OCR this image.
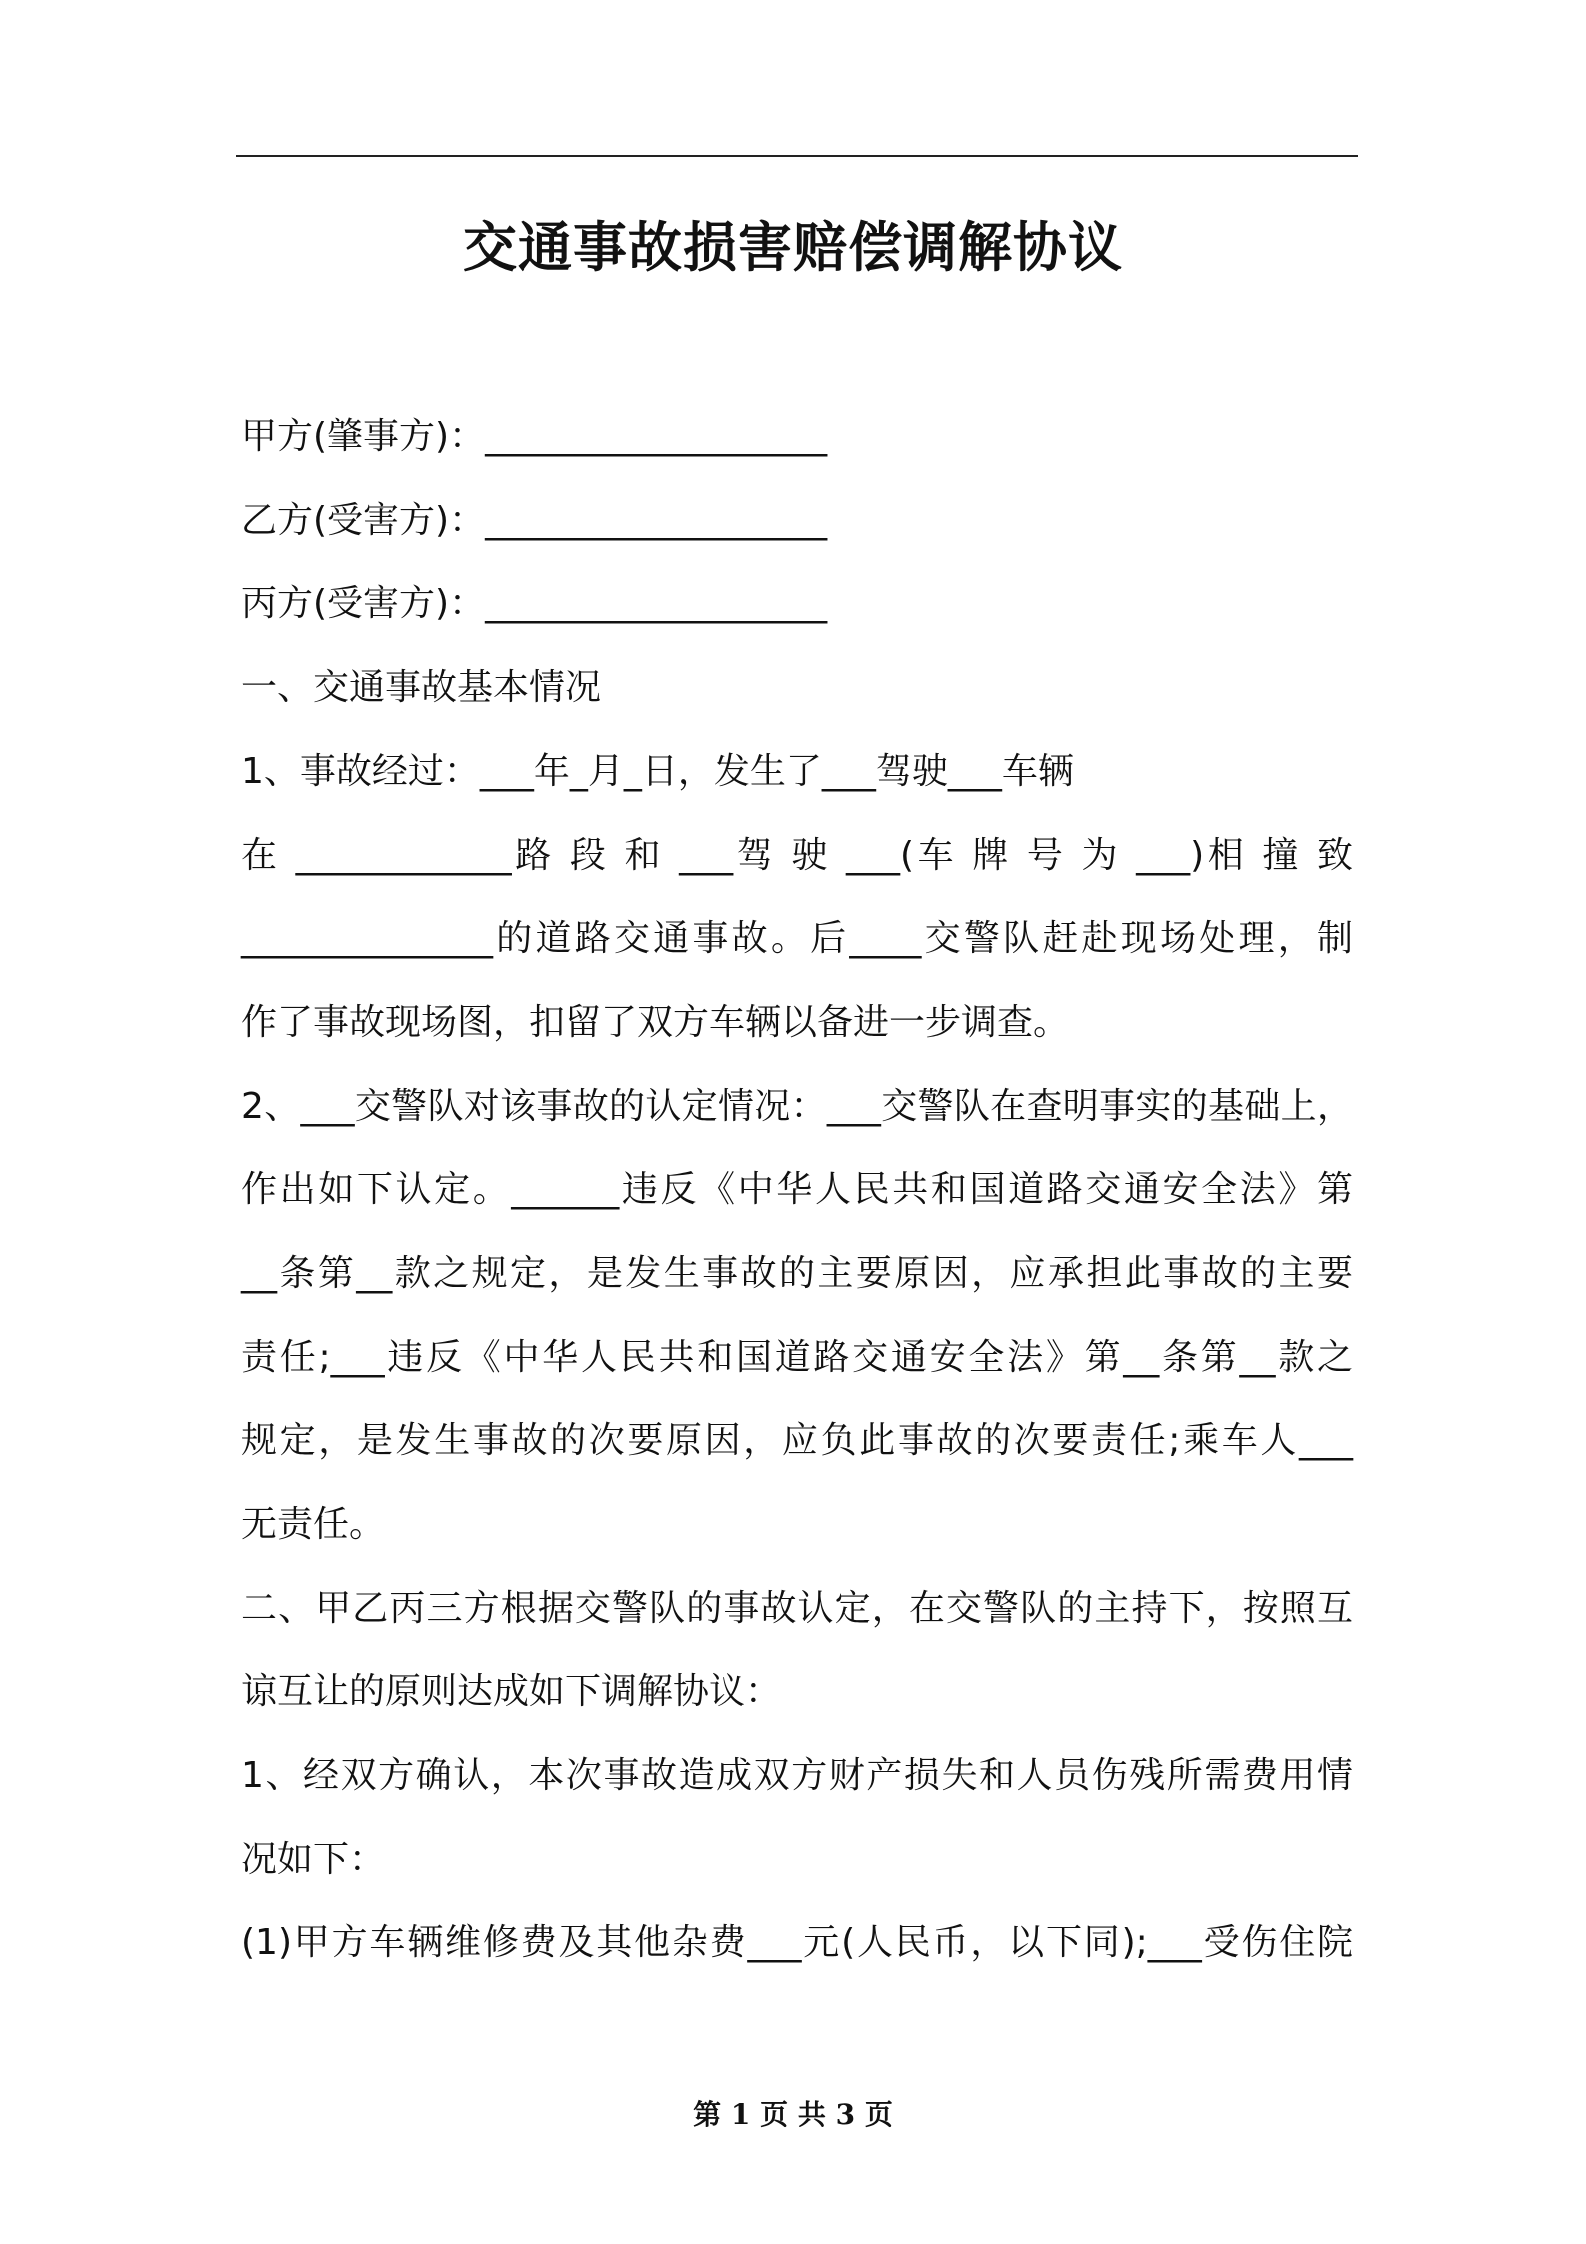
交通事故损害赔偿调解协议
甲方(肇事方)：___________________
乙方(受害方)：___________________
丙方(受害方)：___________________
一、交通事故基本情况
1、事故经过：___年_月_日，发生了___驾驶___车辆
在 ____________路 段 和 ___驾 驶 ___(车 牌 号 为 ___)相 撞 致
______________的道路交通事故。后____交警队赶赴现场处理，制
作了事故现场图，扣留了双方车辆以备进一步调查。
2、___交警队对该事故的认定情况：___交警队在查明事实的基础上，
作出如下认定。______违反《中华人民共和国道路交通安全法》第
__条第__款之规定，是发生事故的主要原因，应承担此事故的主要
责任;___违反《中华人民共和国道路交通安全法》第__条第__款之
规定，是发生事故的次要原因，应负此事故的次要责任;乘车人___
无责任。
二、甲乙丙三方根据交警队的事故认定，在交警队的主持下，按照互
谅互让的原则达成如下调解协议：
1、经双方确认，本次事故造成双方财产损失和人员伤残所需费用情
况如下：
(1)甲方车辆维修费及其他杂费___元(人民币，以下同);___受伤住院
第 1 页 共 3 页
